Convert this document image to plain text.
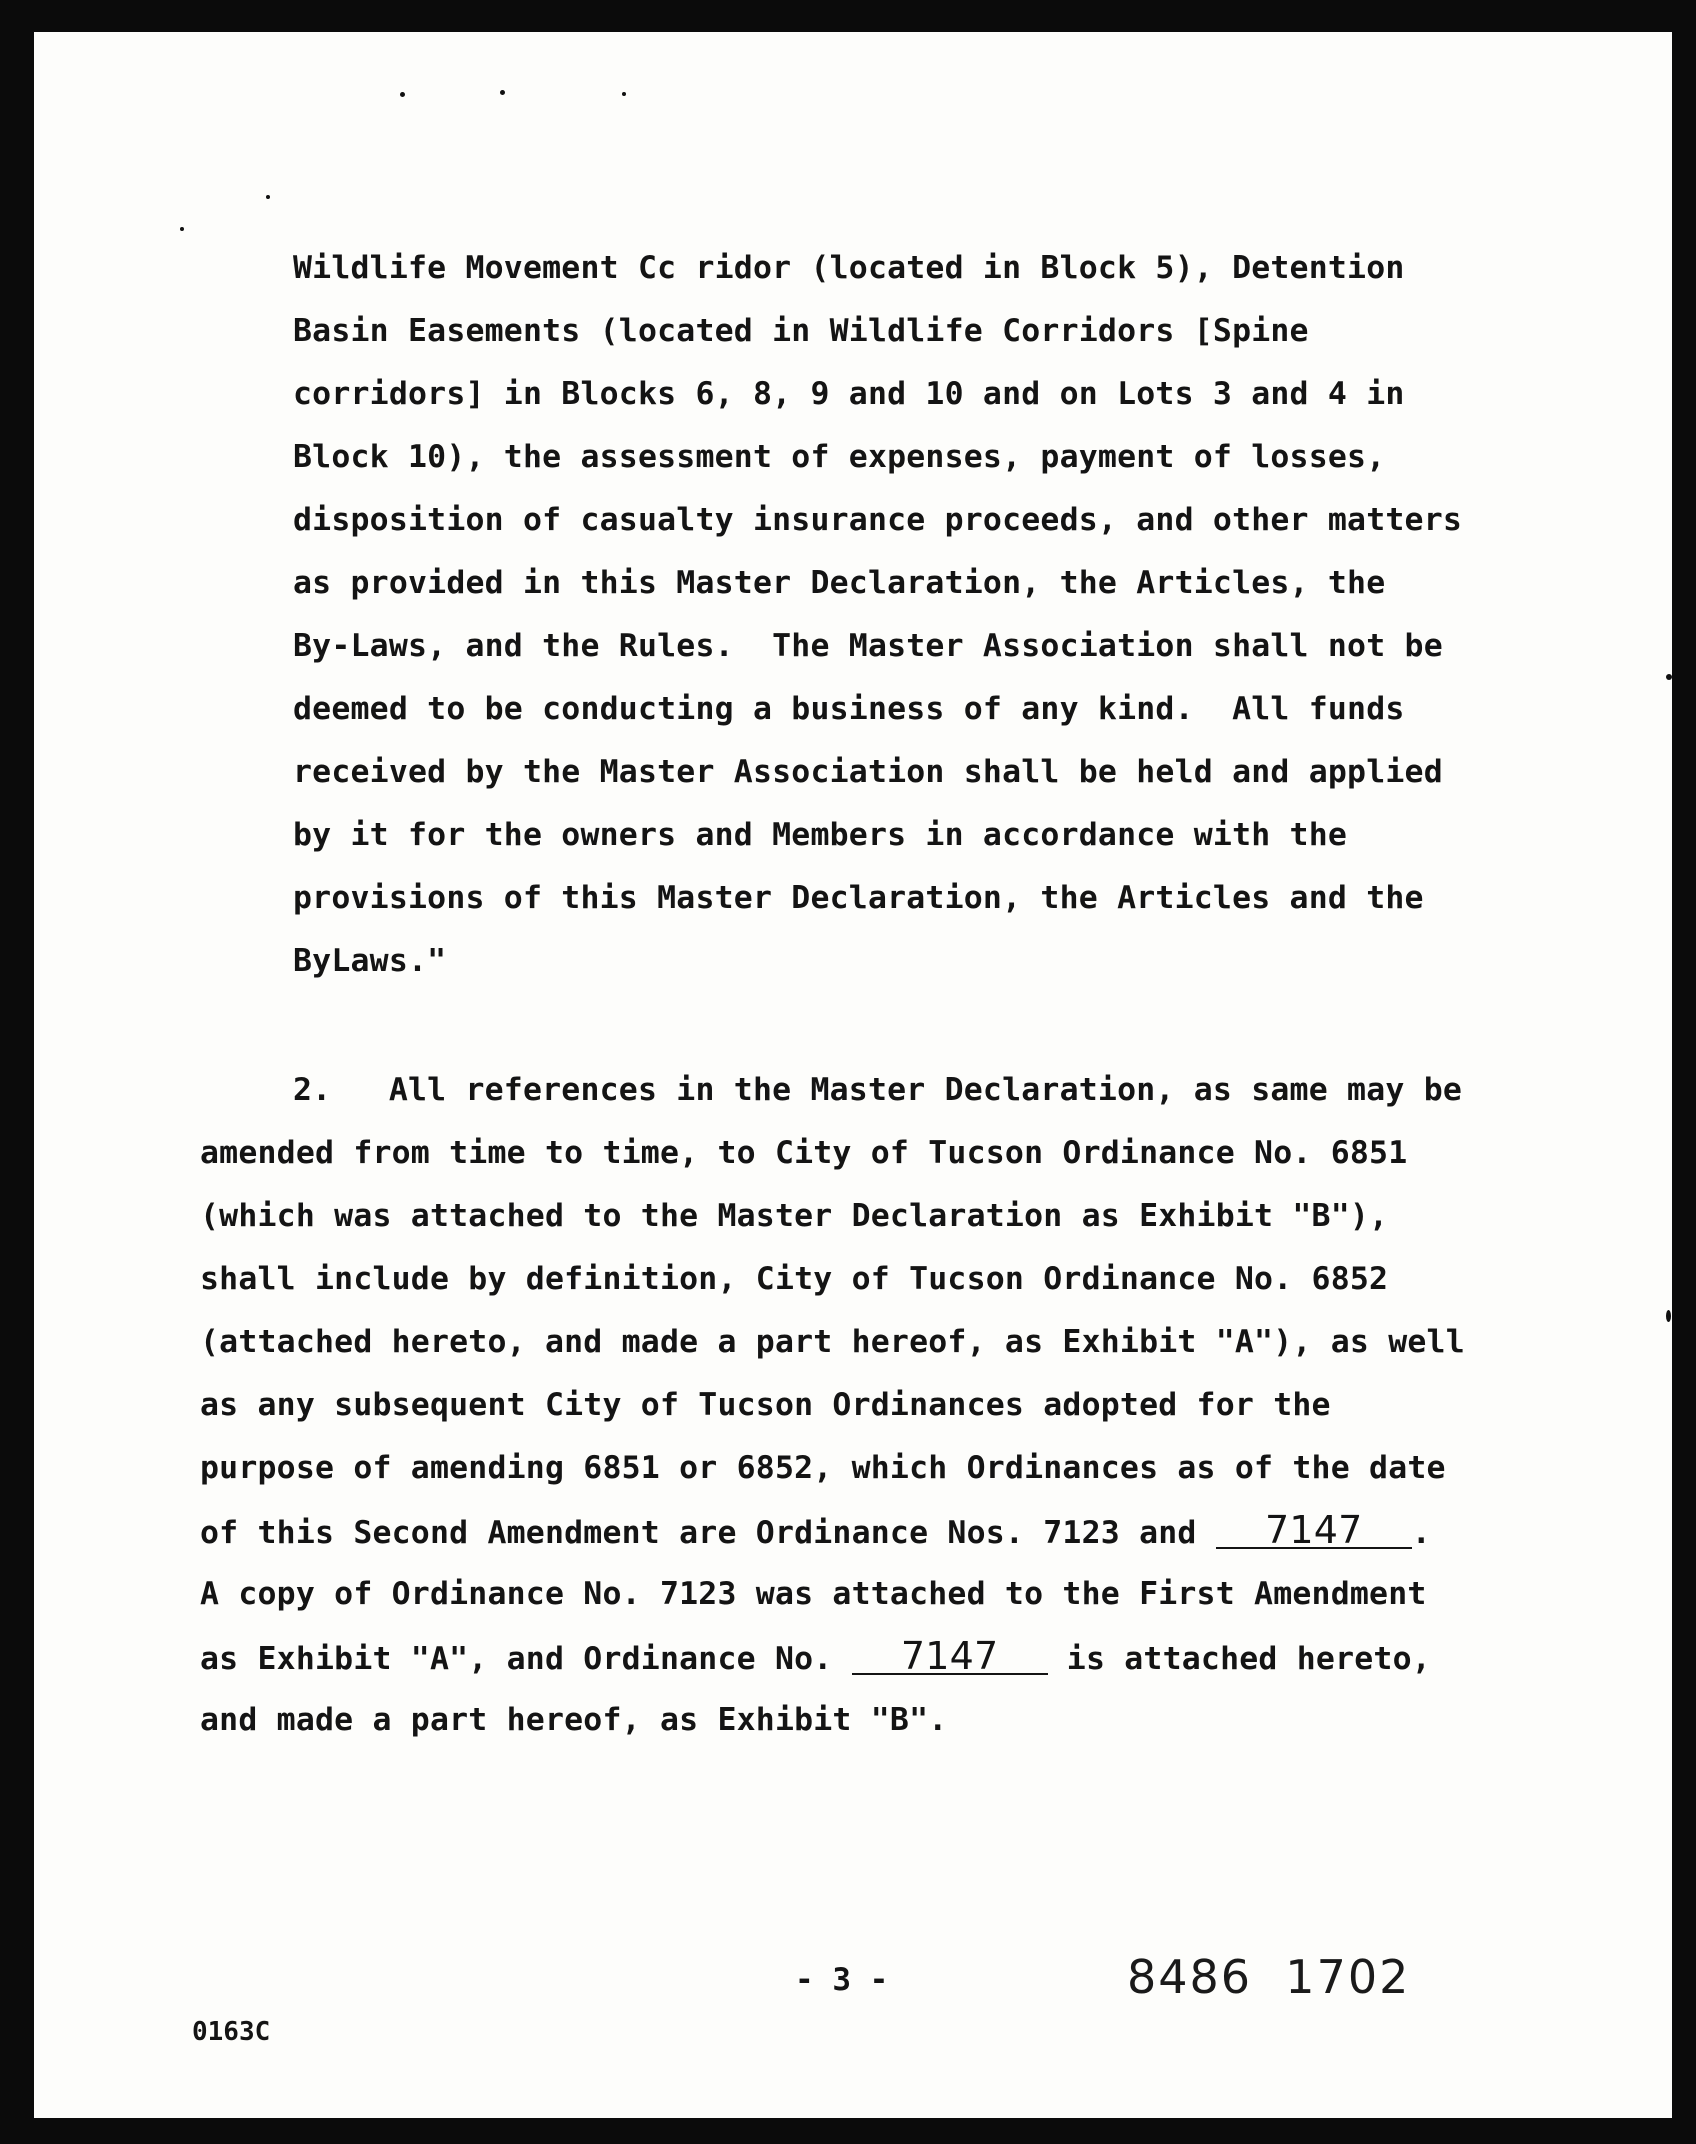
Wildlife Movement Cc ridor (located in Block 5), Detention
Basin Easements (located in Wildlife Corridors [Spine
corridors] in Blocks 6, 8, 9 and 10 and on Lots 3 and 4 in
Block 10), the assessment of expenses, payment of losses,
disposition of casualty insurance proceeds, and other matters
as provided in this Master Declaration, the Articles, the
By-Laws, and the Rules.  The Master Association shall not be
deemed to be conducting a business of any kind.  All funds
received by the Master Association shall be held and applied
by it for the owners and Members in accordance with the
provisions of this Master Declaration, the Articles and the
ByLaws."
2.   All references in the Master Declaration, as same may be
amended from time to time, to City of Tucson Ordinance No. 6851
(which was attached to the Master Declaration as Exhibit "B"),
shall include by definition, City of Tucson Ordinance No. 6852
(attached hereto, and made a part hereof, as Exhibit "A"), as well
as any subsequent City of Tucson Ordinances adopted for the
purpose of amending 6851 or 6852, which Ordinances as of the date
of this Second Amendment are Ordinance Nos. 7123 and 7147 .
A copy of Ordinance No. 7123 was attached to the First Amendment
as Exhibit "A", and Ordinance No. 7147 is attached hereto,
and made a part hereof, as Exhibit "B".
- 3 -	8486  1702
0163C
